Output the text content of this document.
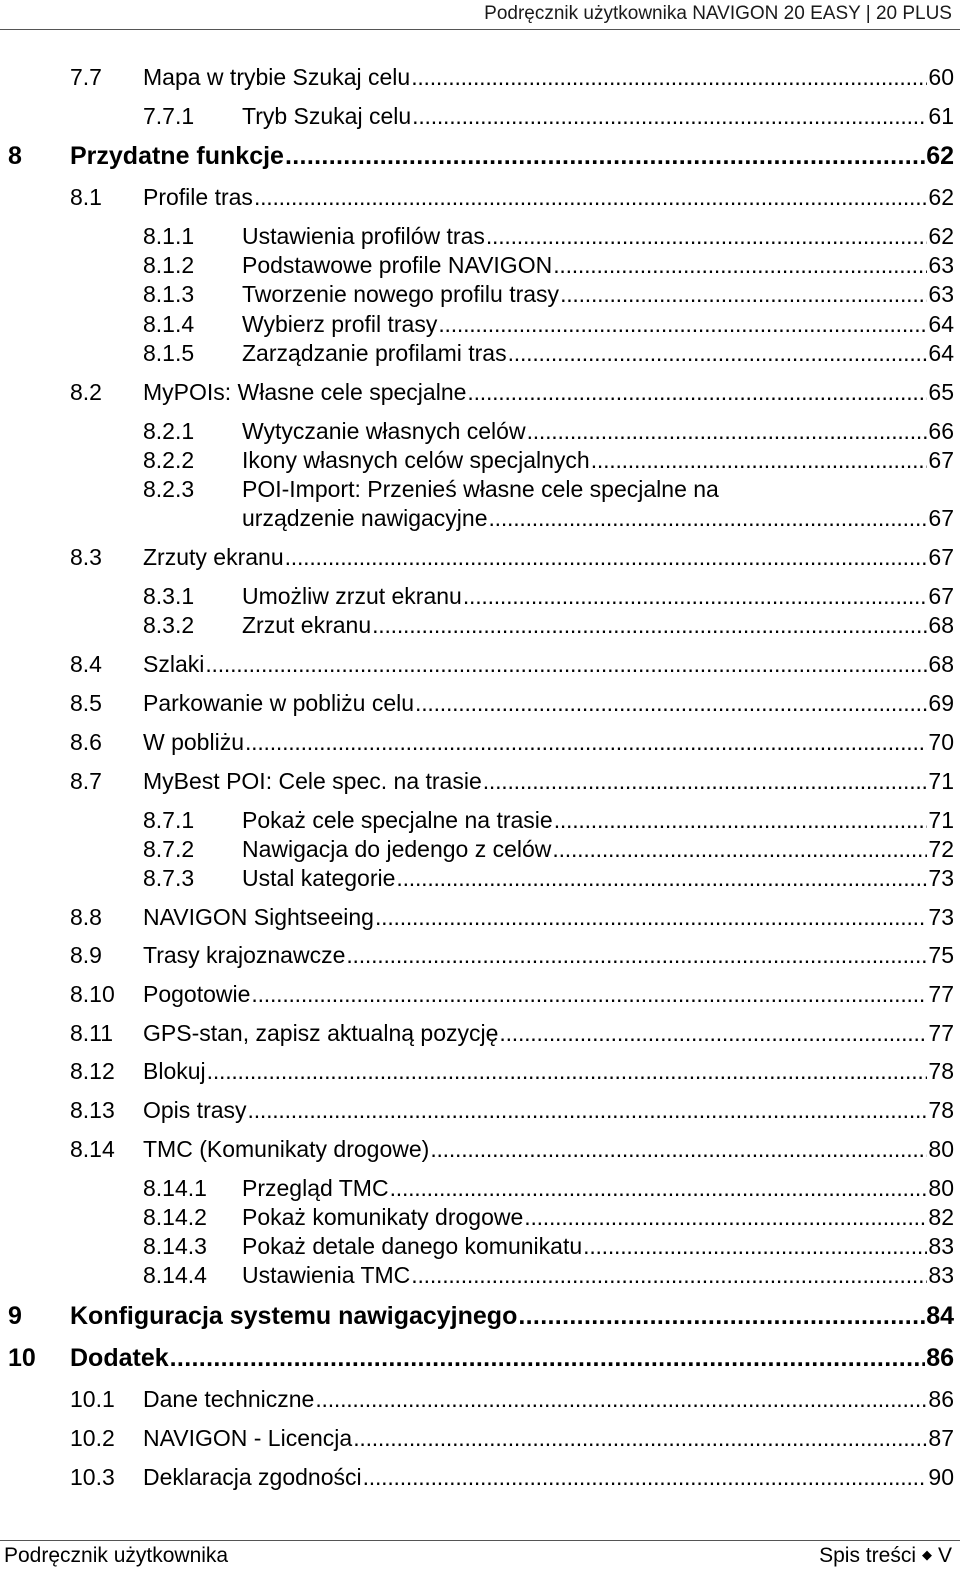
Podręcznik użytkownika NAVIGON 20 EASY | 20 PLUS
7.7	Mapa w trybie Szukaj celu . . .	60
7.7.1	Tryb Szukaj celu . . .	61
8	Przydatne funkcje . . .	62
8.1	Profile tras . . .	62
8.1.1	Ustawienia profilów tras . . .	62
8.1.2	Podstawowe profile NAVIGON . . .	63
8.1.3	Tworzenie nowego profilu trasy . . .	63
8.1.4	Wybierz profil trasy . . .	64
8.1.5	Zarządzanie profilami tras . . .	64
8.2	MyPOIs: Własne cele specjalne . . .	65
8.2.1	Wytyczanie własnych celów . . .	66
8.2.2	Ikony własnych celów specjalnych . . .	67
8.2.3	POI-Import: Przenieś własne cele specjalne na
urządzenie nawigacyjne . . .	67
8.3	Zrzuty ekranu . . .	67
8.3.1	Umożliw zrzut ekranu . . .	67
8.3.2	Zrzut ekranu . . .	68
8.4	Szlaki . . .	68
8.5	Parkowanie w pobliżu celu . . .	69
8.6	W pobliżu . . .	70
8.7	MyBest POI: Cele spec. na trasie . . .	71
8.7.1	Pokaż cele specjalne na trasie . . .	71
8.7.2	Nawigacja do jedengo z celów . . .	72
8.7.3	Ustal kategorie . . .	73
8.8	NAVIGON Sightseeing . . .	73
8.9	Trasy krajoznawcze . . .	75
8.10	Pogotowie . . .	77
8.11	GPS-stan, zapisz aktualną pozycję . . .	77
8.12	Blokuj . . .	78
8.13	Opis trasy . . .	78
8.14	TMC (Komunikaty drogowe) . . .	80
8.14.1	Przegląd TMC . . .	80
8.14.2	Pokaż komunikaty drogowe . . .	82
8.14.3	Pokaż detale danego komunikatu . . .	83
8.14.4	Ustawienia TMC . . .	83
9	Konfiguracja systemu nawigacyjnego . . .	84
10	Dodatek . . .	86
10.1	Dane techniczne . . .	86
10.2	NAVIGON - Licencja . . .	87
10.3	Deklaracja zgodności . . .	90
Podręcznik użytkownika	Spis treści ◆ V
